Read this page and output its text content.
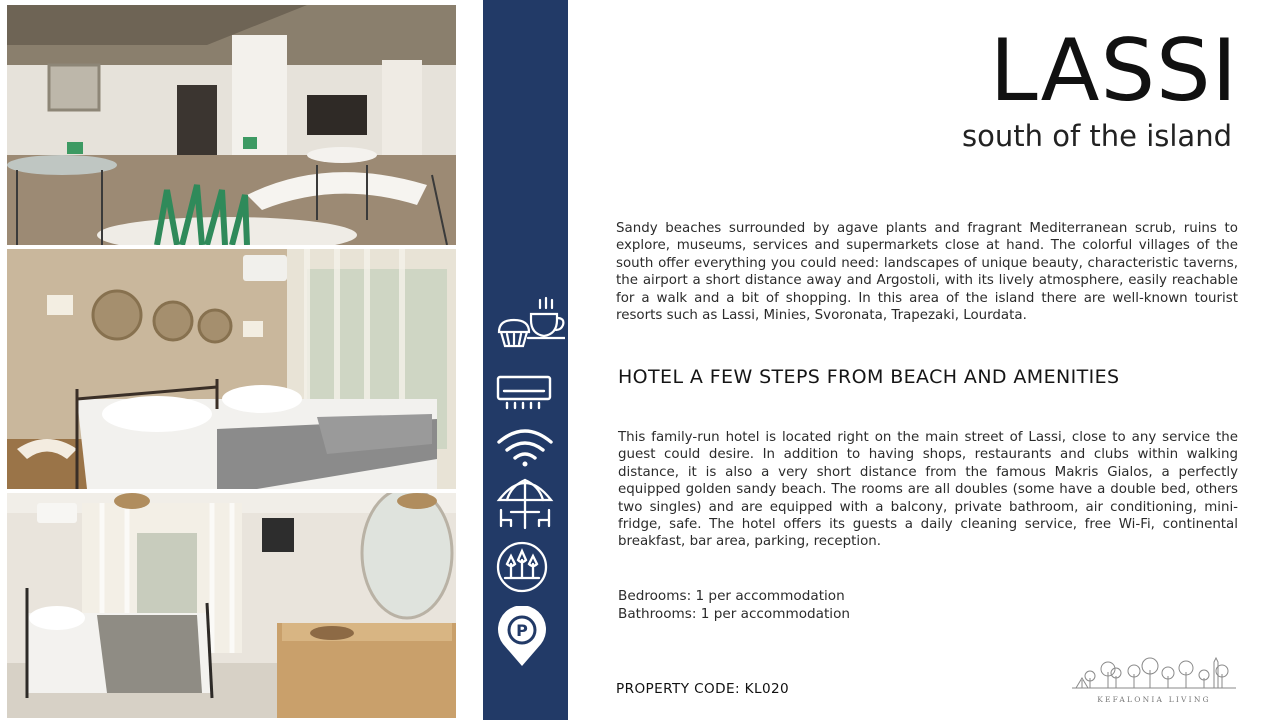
P
LASSI
south of the island
Sandy beaches surrounded by agave plants and fragrant Mediterranean scrub, ruins to explore, museums, services and supermarkets close at hand. The colorful villages of the south offer everything you could need: landscapes of unique beauty, characteristic taverns, the airport a short distance away and Argostoli, with its lively atmosphere, easily reachable for a walk and a bit of shopping. In this area of the island there are well-known tourist resorts such as Lassi, Minies, Svoronata, Trapezaki, Lourdata.
HOTEL A FEW STEPS FROM BEACH AND AMENITIES
This family-run hotel is located right on the main street of Lassi, close to any service the guest could desire. In addition to having shops, restaurants and clubs within walking distance, it is also a very short distance from the famous Makris Gialos, a perfectly equipped golden sandy beach. The rooms are all doubles (some have a double bed, others two singles) and are equipped with a balcony, private bathroom, air conditioning, mini-fridge, safe. The hotel offers its guests a daily cleaning service, free Wi-Fi, continental breakfast, bar area, parking, reception.
Bedrooms: 1 per accommodation
Bathrooms: 1 per accommodation
PROPERTY CODE: KL020
KEFALONIA LIVING
